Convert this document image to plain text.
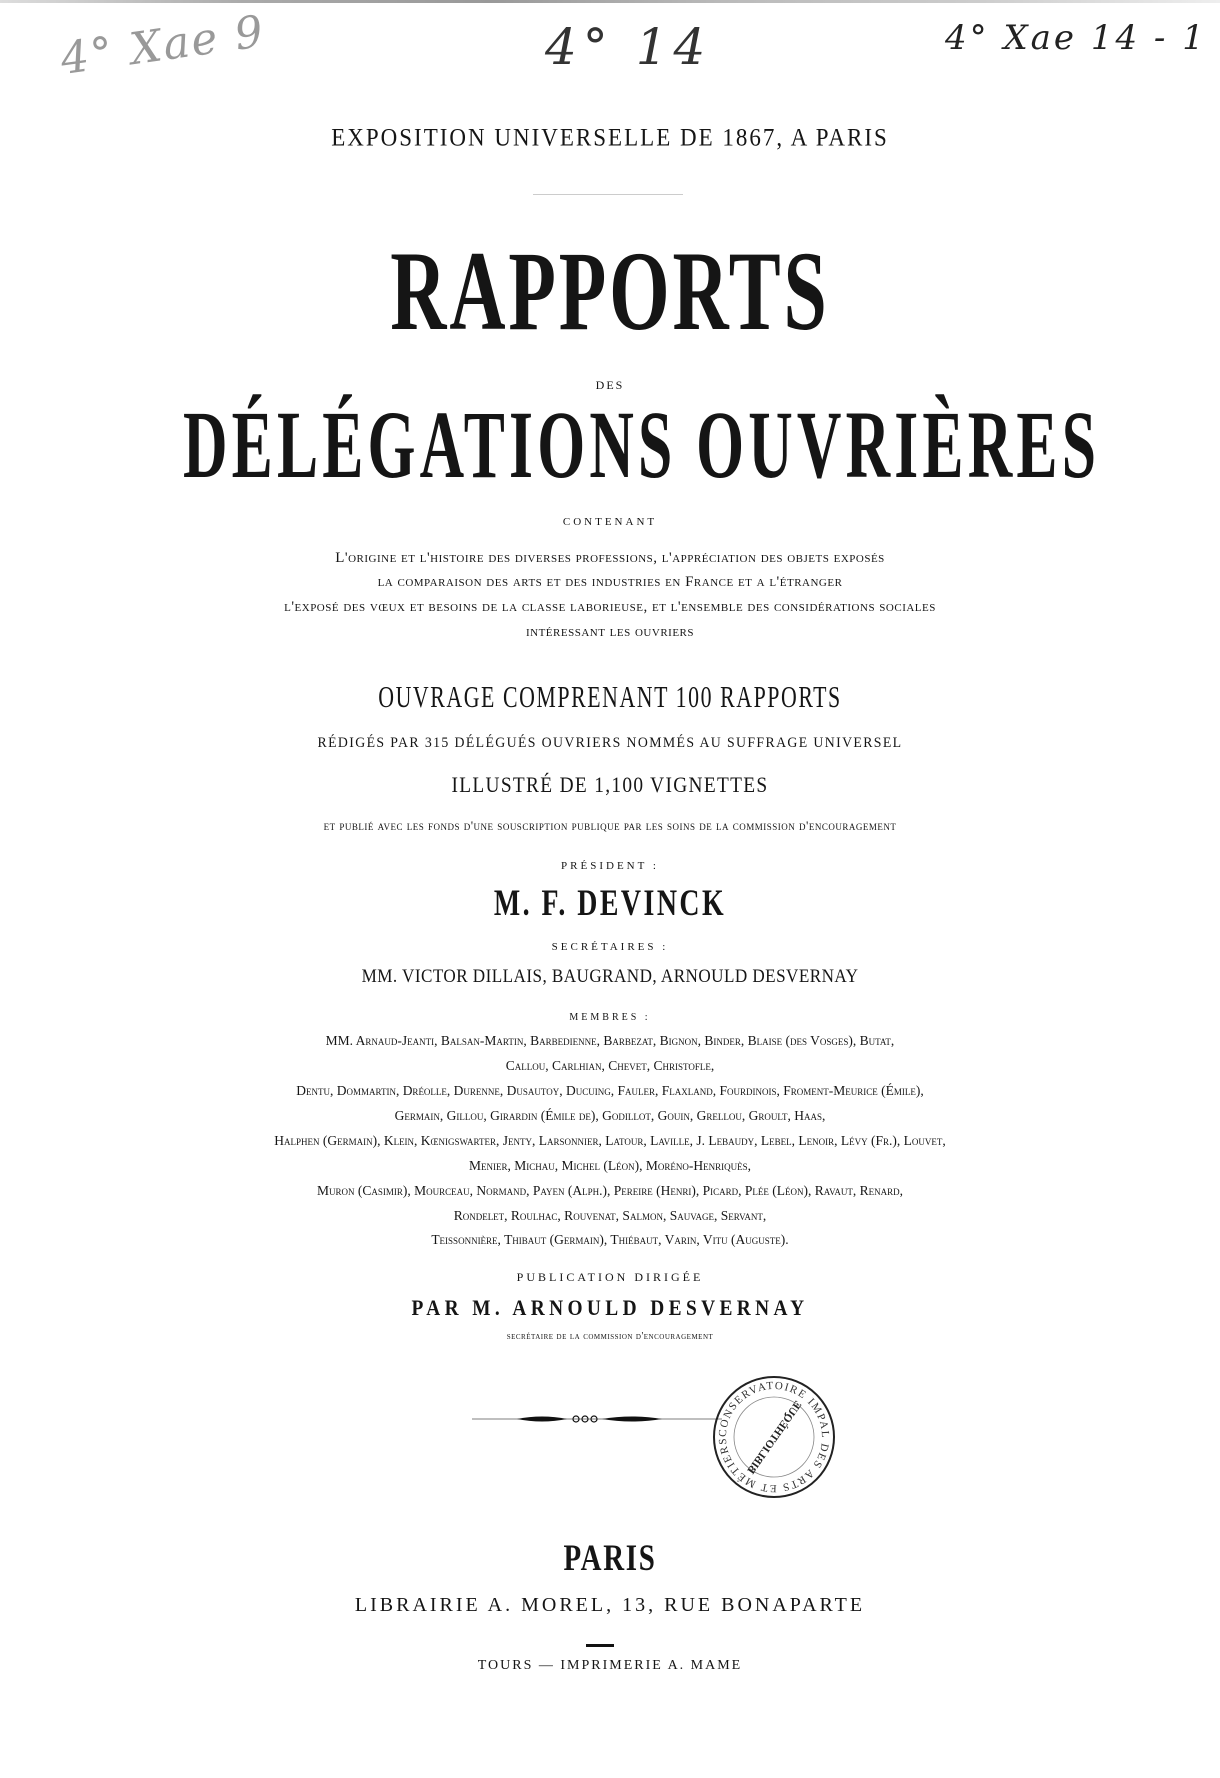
4° Xae 9	4° 14	4° Xae 14 - 1
EXPOSITION UNIVERSELLE DE 1867, A PARIS
RAPPORTS
DES
DÉLÉGATIONS OUVRIÈRES
CONTENANT
L'origine et l'histoire des diverses professions, l'appréciation des objets exposés
la comparaison des arts et des industries en France et a l'étranger
l'exposé des vœux et besoins de la classe laborieuse, et l'ensemble des considérations sociales
intéressant les ouvriers
OUVRAGE COMPRENANT 100 RAPPORTS
RÉDIGÉS PAR 315 DÉLÉGUÉS OUVRIERS NOMMÉS AU SUFFRAGE UNIVERSEL
ILLUSTRÉ DE 1,100 VIGNETTES
et publié avec les fonds d'une souscription publique par les soins de la commission d'encouragement
PRÉSIDENT :
M. F. DEVINCK
SECRÉTAIRES :
MM. VICTOR DILLAIS, BAUGRAND, ARNOULD DESVERNAY
MEMBRES :
MM. Arnaud-Jeanti, Balsan-Martin, Barbedienne, Barbezat, Bignon, Binder, Blaise (des Vosges), Butat,
Callou, Carlhian, Chevet, Christofle,
Dentu, Dommartin, Dréolle, Durenne, Dusautoy, Ducuing, Fauler, Flaxland, Fourdinois, Froment-Meurice (Émile),
Germain, Gillou, Girardin (Émile de), Godillot, Gouin, Grellou, Groult, Haas,
Halphen (Germain), Klein, Kœnigswarter, Jenty, Larsonnier, Latour, Laville, J. Lebaudy, Lebel, Lenoir, Lévy (Fr.), Louvet,
Menier, Michau, Michel (Léon), Moréno-Henriquès,
Muron (Casimir), Mourceau, Normand, Payen (Alph.), Pereire (Henri), Picard, Plée (Léon), Ravaut, Renard,
Rondelet, Roulhac, Rouvenat, Salmon, Sauvage, Servant,
Teissonnière, Thibaut (Germain), Thiébaut, Varin, Vitu (Auguste).
PUBLICATION DIRIGÉE
PAR M. ARNOULD DESVERNAY
secrétaire de la commission d'encouragement
CONSERVATOIRE IMPAL DES ARTS ET MÉTIERS	BIBLIOTHÈQUE
PARIS
LIBRAIRIE A. MOREL, 13, RUE BONAPARTE
TOURS — IMPRIMERIE A. MAME
